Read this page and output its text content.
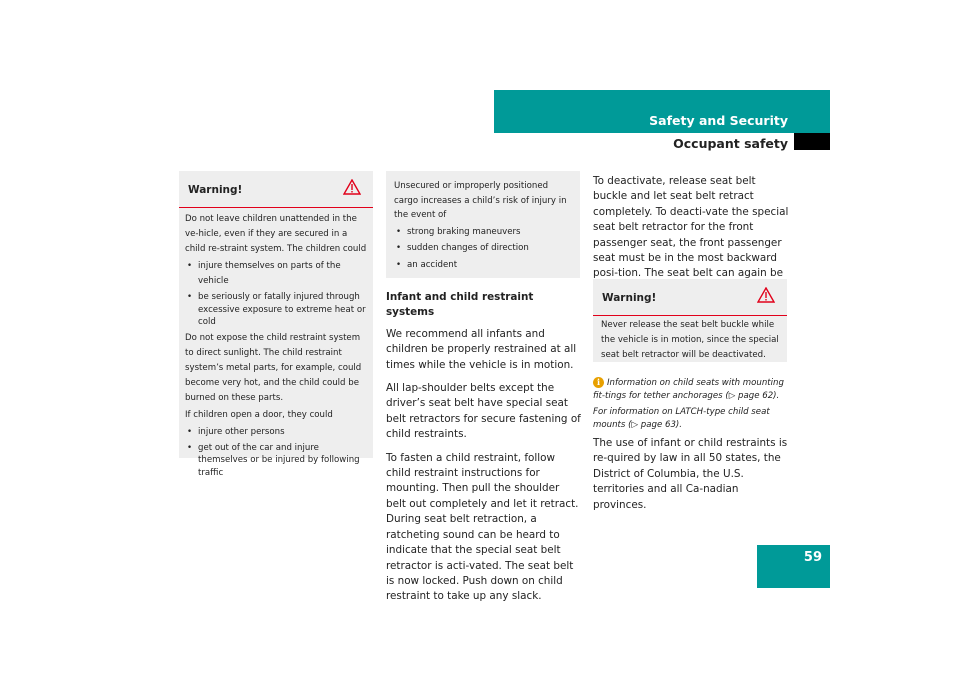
Safety and Security
Occupant safety
Warning!
Do not leave children unattended in the ve-hicle, even if they are secured in a child re-straint system. The children could
• injure themselves on parts of the vehicle
• be seriously or fatally injured through excessive exposure to extreme heat or cold
Do not expose the child restraint system to direct sunlight. The child restraint system’s metal parts, for example, could become very hot, and the child could be burned on these parts.
If children open a door, they could
• injure other persons
• get out of the car and injure themselves or be injured by following traffic
Unsecured or improperly positioned cargo increases a child’s risk of injury in the event of
• strong braking maneuvers
• sudden changes of direction
• an accident
Infant and child restraint systems

We recommend all infants and children be properly restrained at all times while the vehicle is in motion.

All lap-shoulder belts except the driver’s seat belt have special seat belt retractors for secure fastening of child restraints.

To fasten a child restraint, follow child restraint instructions for mounting. Then pull the shoulder belt out completely and let it retract. During seat belt retraction, a ratcheting sound can be heard to indicate that the special seat belt retractor is acti-vated. The seat belt is now locked. Push down on child restraint to take up any slack.

To deactivate, release seat belt buckle and let seat belt retract completely. To deacti-vate the special seat belt retractor for the front passenger seat, the front passenger seat must be in the most backward posi-tion. The seat belt can again be

Warning!
Never release the seat belt buckle while the vehicle is in motion, since the special seat belt retractor will be deactivated.
i Information on child seats with mounting fit-tings for tether anchorages (▷ page 62).
For information on LATCH-type child seat mounts (▷ page 63).

The use of infant or child restraints is re-quired by law in all 50 states, the District of Columbia, the U.S. territories and all Ca-nadian provinces.

59
